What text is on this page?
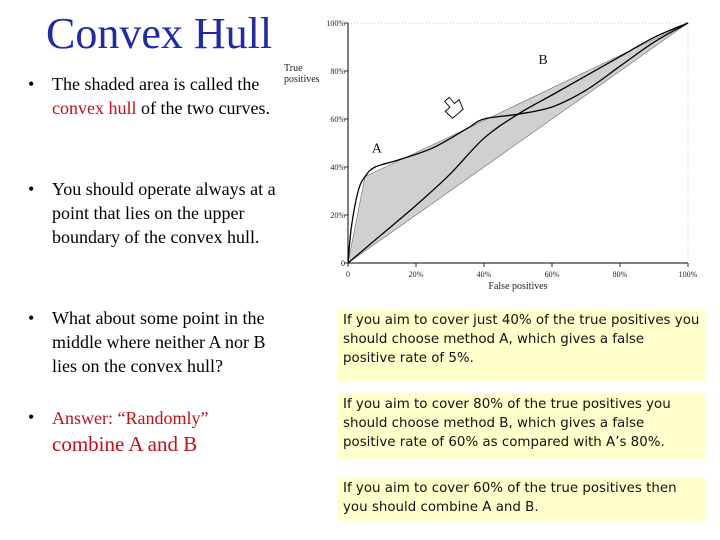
Convex Hull
• The shaded area is called the convex hull of the two curves.
• You should operate always at a point that lies on the upper boundary of the convex hull.
• What about some point in the middle where neither A nor B lies on the convex hull?
• Answer: “Randomly”
combine A and B
0	20%	40%	60%	80%	100%
0
20%
40%
60%
80%
100%
False positives
True
positives
A
B
If you aim to cover just 40% of the true positives you should choose method A, which gives a false positive rate of 5%.
If you aim to cover 80% of the true positives you should choose method B, which gives a false positive rate of 60% as compared with A’s 80%.
If you aim to cover 60% of the true positives then you should combine A and B.
